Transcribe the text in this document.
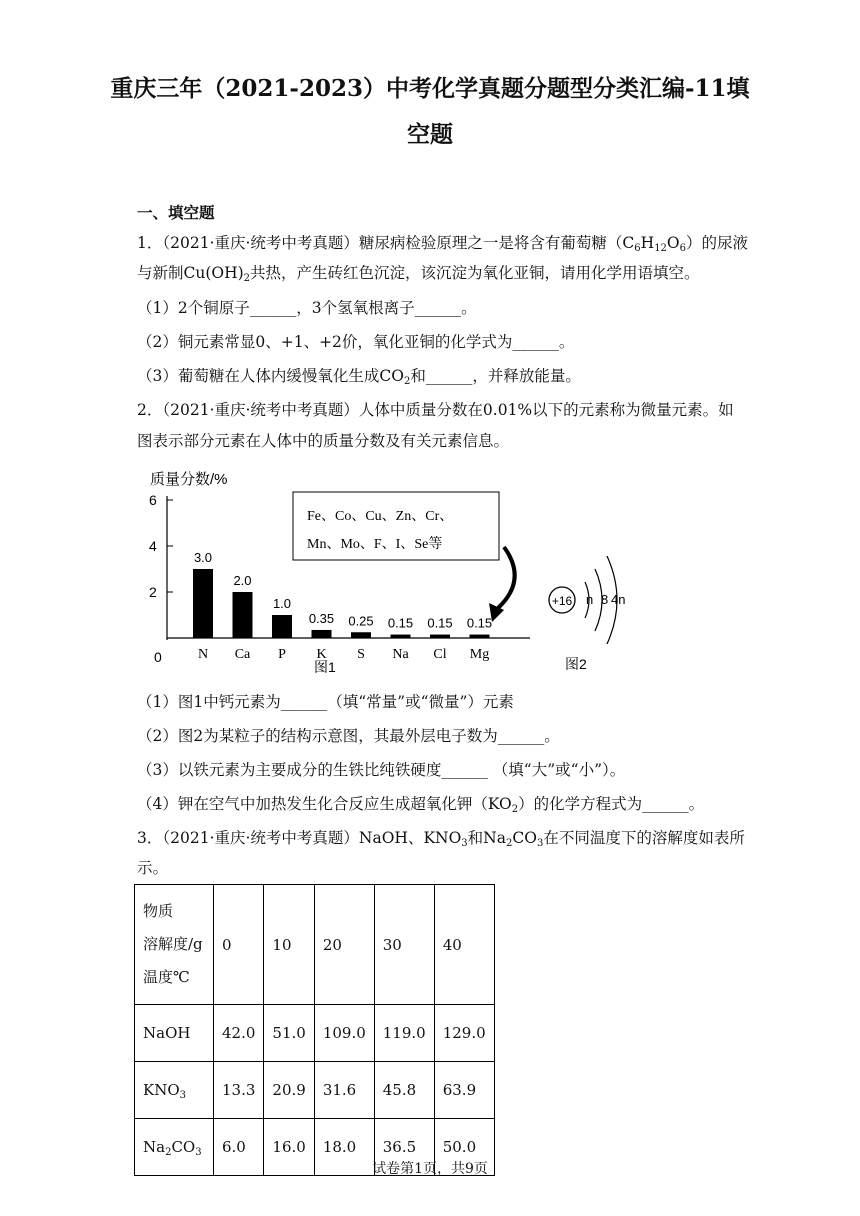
重庆三年（2021-2023）中考化学真题分题型分类汇编-11填
空题
一、填空题
1．（2021·重庆·统考中考真题）糖尿病检验原理之一是将含有葡萄糖$(C_6H_{12}O_6)$的尿液
与新制$Cu(OH)_2$共热，产生砖红色沉淀，该沉淀为氧化亚铜，请用化学用语填空。
（1）2个铜原子______，3个氢氧根离子______。
（2）铜元素常显0、+1、+2价，氧化亚铜的化学式为______。
（3）葡萄糖在人体内缓慢氧化生成$CO_2$和______，并释放能量。
2．（2021·重庆·统考中考真题）人体中质量分数在0.01%以下的元素称为微量元素。如
图表示部分元素在人体中的质量分数及有关元素信息。
质量分数/%
6
4
2
0
3.0
N
2.0
Ca
1.0
P
0.35
K
0.25
S
0.15
Na
0.15
Cl
0.15
Mg
图1
Fe、Co、Cu、Zn、Cr、
Mn、Mo、F、I、Se等
+16 n 8 4n
图2
（1）图1中钙元素为______（填“常量”或“微量”）元素
（2）图2为某粒子的结构示意图，其最外层电子数为______。
（3）以铁元素为主要成分的生铁比纯铁硬度______ （填“大”或“小”）。
（4）钾在空气中加热发生化合反应生成超氧化钾$(KO_2)$的化学方程式为______。
3．（2021·重庆·统考中考真题）NaOH、$KNO_3$和$Na_2CO_3$在不同温度下的溶解度如表所
示。
物质
溶解度/g
温度℃	0	10	20	30	40
NaOH	42.0	51.0	109.0	119.0	129.0
$KNO_3$	13.3	20.9	31.6	45.8	63.9
$Na_2CO_3$	6.0	16.0	18.0	36.5	50.0
试卷第1页，共9页
